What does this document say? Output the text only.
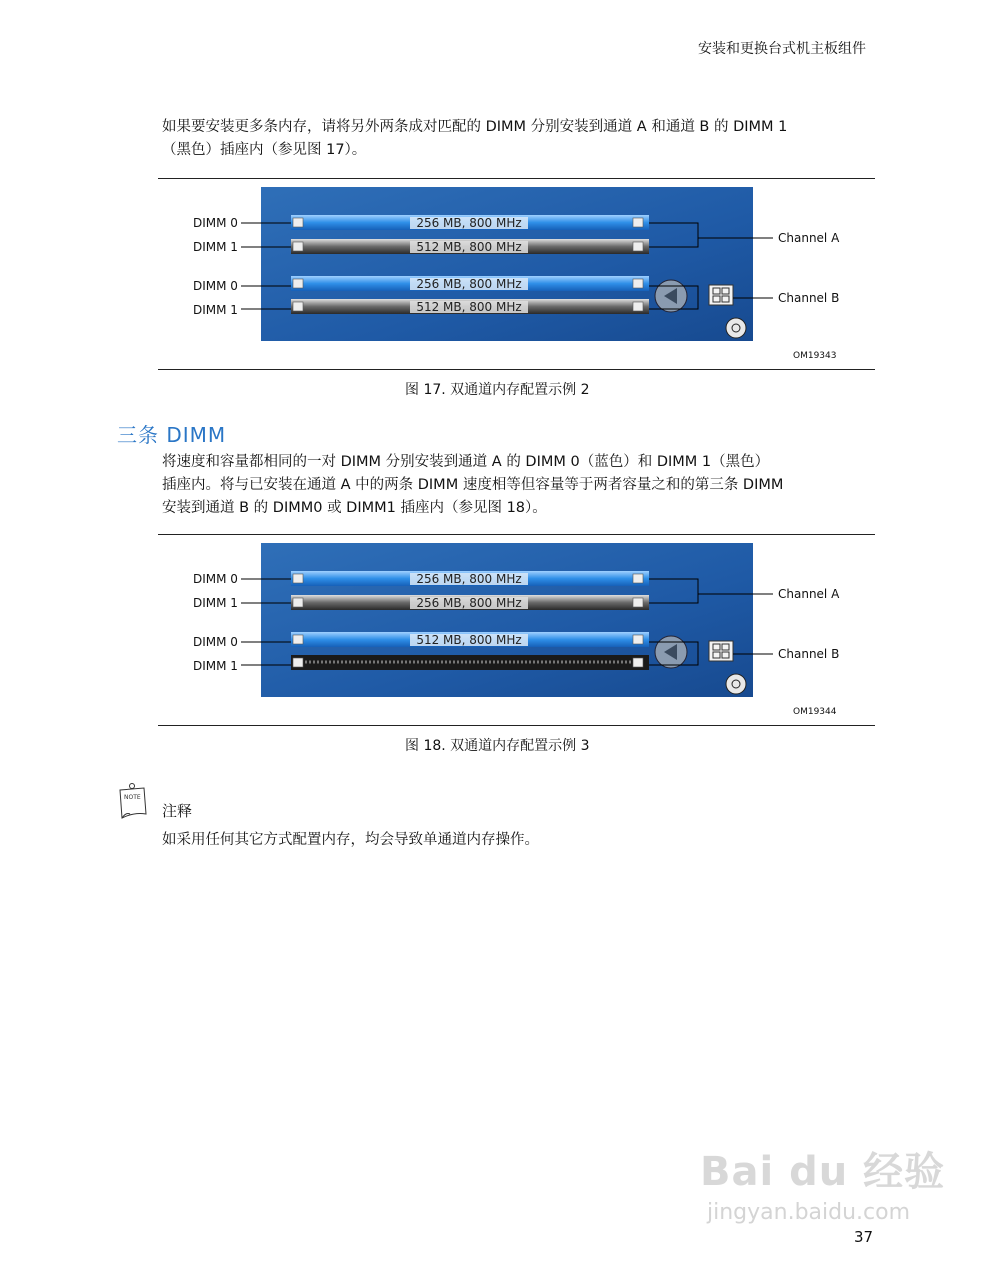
安装和更换台式机主板组件
如果要安装更多条内存，请将另外两条成对匹配的 DIMM 分别安装到通道 A 和通道 B 的 DIMM 1
（黑色）插座内（参见图 17）。
256 MB, 800 MHz
512 MB, 800 MHz
256 MB, 800 MHz
512 MB, 800 MHz
DIMM 0
DIMM 1
DIMM 0
DIMM 1
Channel A
Channel B
OM19343
图 17. 双通道内存配置示例 2
三条 DIMM
将速度和容量都相同的一对 DIMM 分别安装到通道 A 的 DIMM 0（蓝色）和 DIMM 1（黑色）
插座内。将与已安装在通道 A 中的两条 DIMM 速度相等但容量等于两者容量之和的第三条 DIMM
安装到通道 B 的 DIMM0 或 DIMM1 插座内（参见图 18）。
256 MB, 800 MHz
256 MB, 800 MHz
512 MB, 800 MHz
DIMM 0
DIMM 1
DIMM 0
DIMM 1
Channel A
Channel B
OM19344
图 18. 双通道内存配置示例 3
NOTE
注释
如采用任何其它方式配置内存，均会导致单通道内存操作。
Bai du 经验
jingyan.baidu.com
37
